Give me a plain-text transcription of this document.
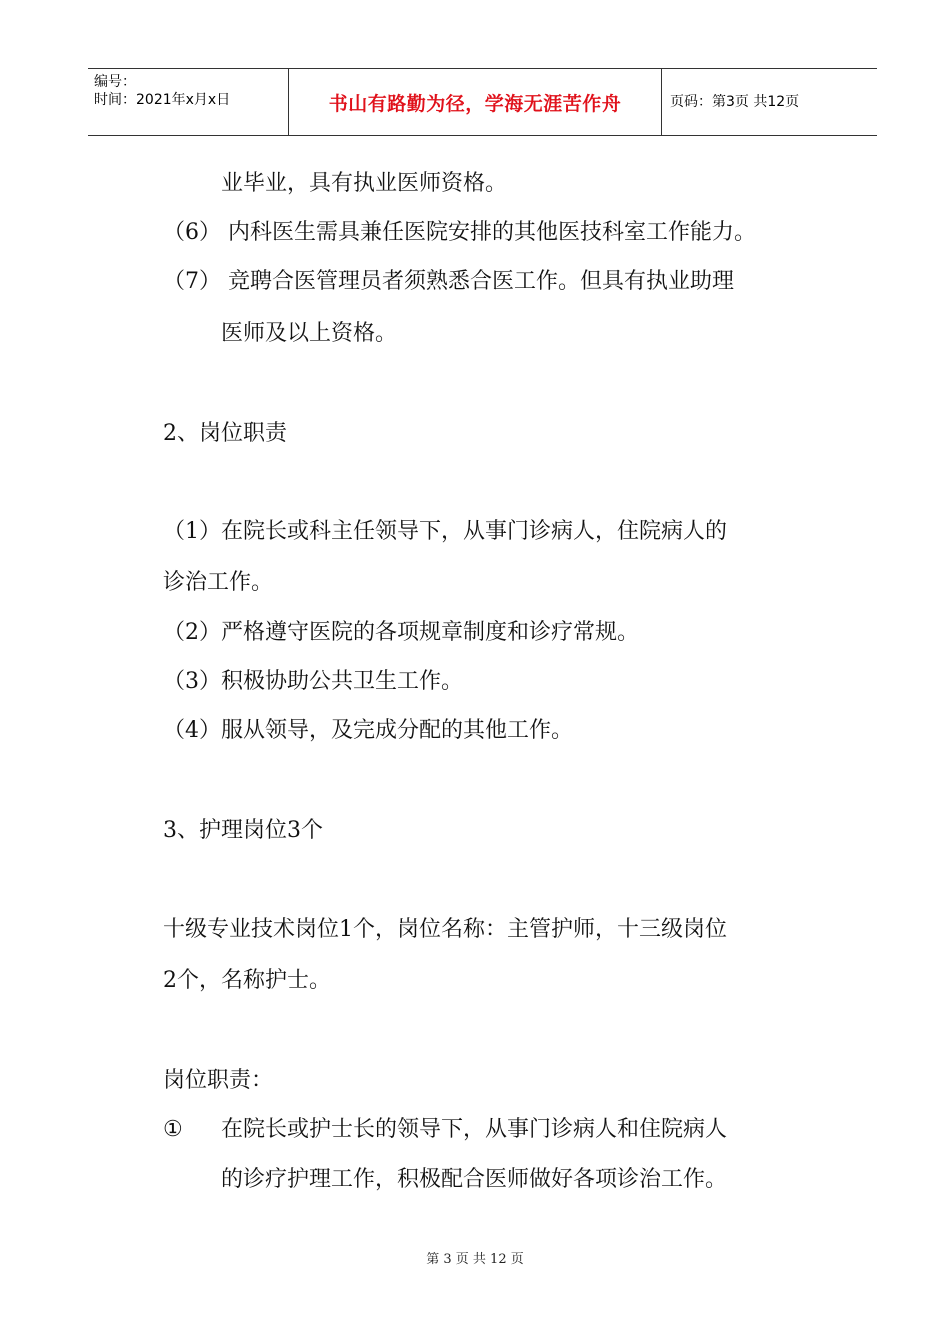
编号：
时间：2021年x月x日	书山有路勤为径，学海无涯苦作舟	页码：第3页 共12页
业毕业，具有执业医师资格。
（6） 内科医生需具兼任医院安排的其他医技科室工作能力。
（7） 竞聘合医管理员者须熟悉合医工作。但具有执业助理
医师及以上资格。
2、岗位职责
（1）在院长或科主任领导下，从事门诊病人，住院病人的
诊治工作。
（2）严格遵守医院的各项规章制度和诊疗常规。
（3）积极协助公共卫生工作。
（4）服从领导，及完成分配的其他工作。
3、护理岗位3个
十级专业技术岗位1个，岗位名称：主管护师，十三级岗位
2个，名称护士。
岗位职责：
① 在院长或护士长的领导下，从事门诊病人和住院病人
的诊疗护理工作，积极配合医师做好各项诊治工作。
第 3 页 共 12 页
